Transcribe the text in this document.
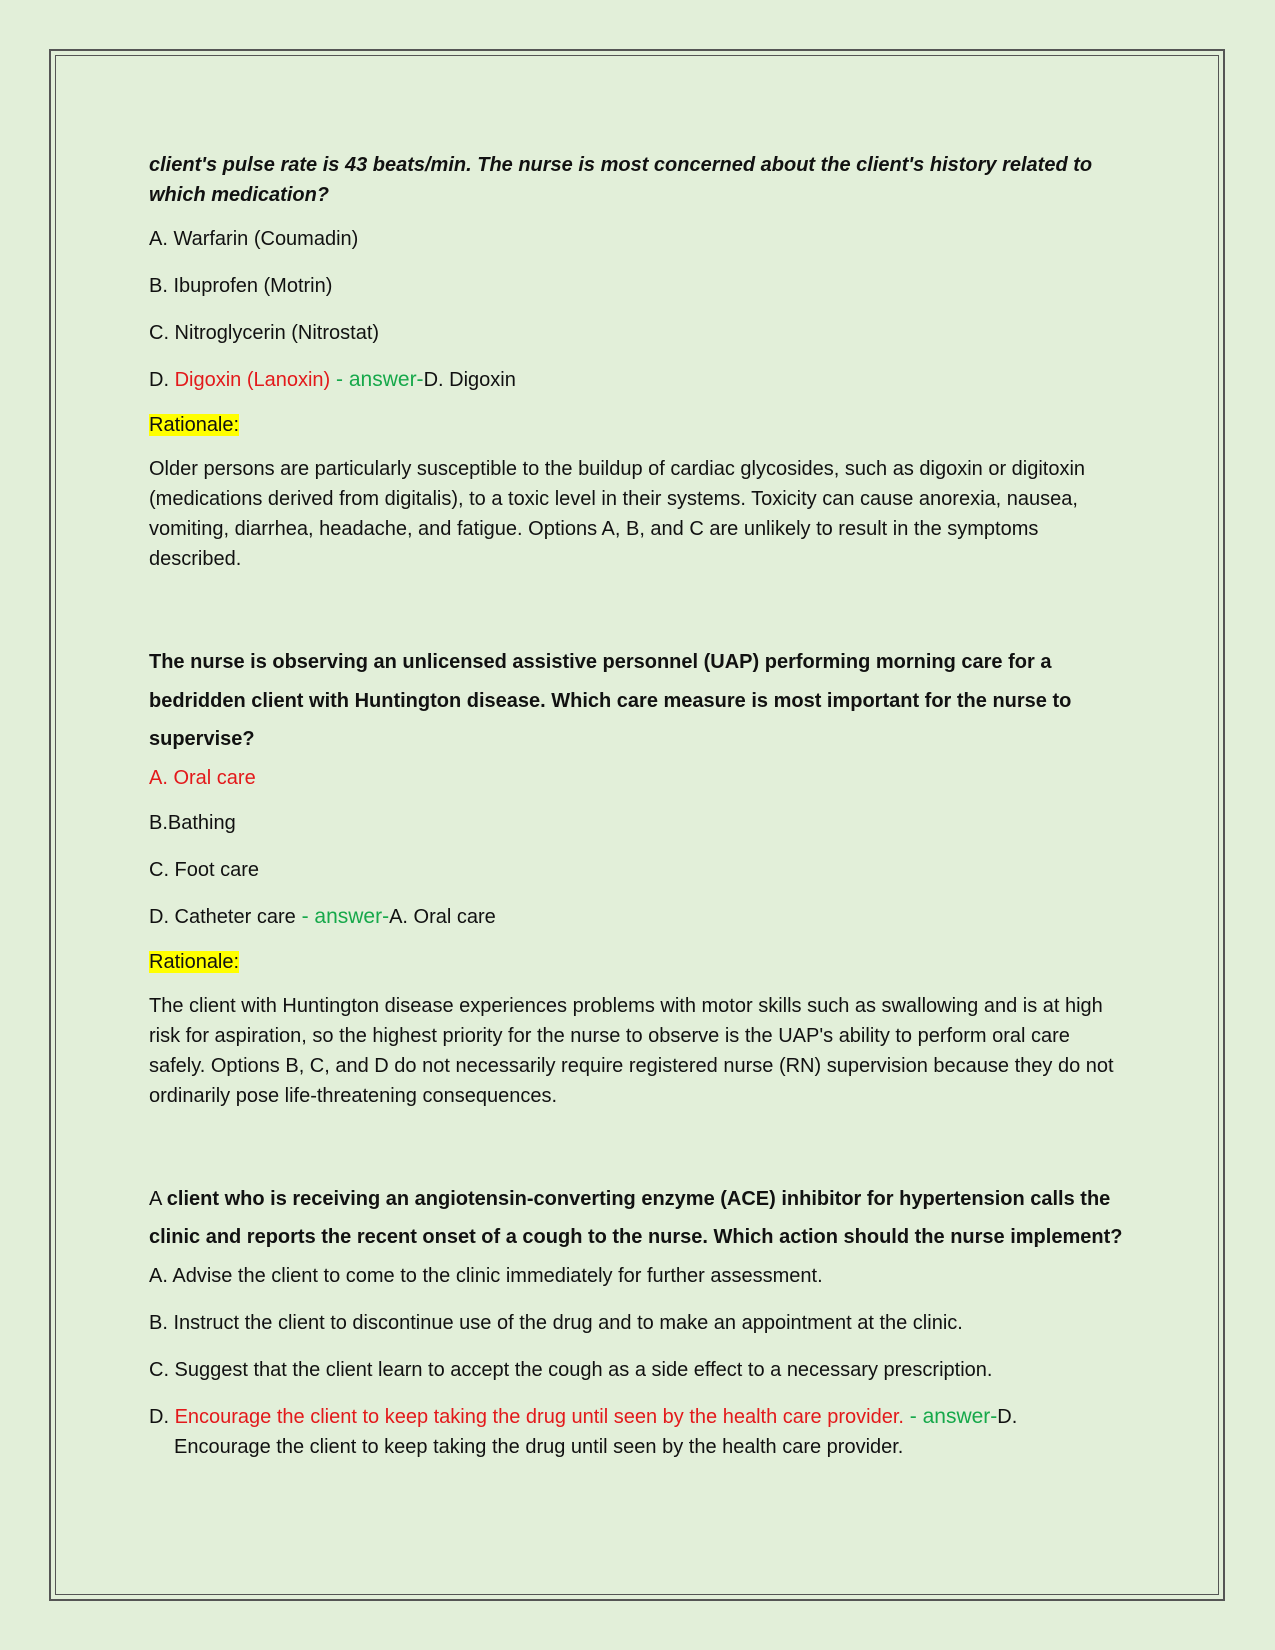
client's pulse rate is 43 beats/min. The nurse is most concerned about the client's history related to which medication?

A. Warfarin (Coumadin)

B. Ibuprofen (Motrin)

C. Nitroglycerin (Nitrostat)

D. Digoxin (Lanoxin) - answer-D. Digoxin

Rationale:

Older persons are particularly susceptible to the buildup of cardiac glycosides, such as digoxin or digitoxin (medications derived from digitalis), to a toxic level in their systems. Toxicity can cause anorexia, nausea, vomiting, diarrhea, headache, and fatigue. Options A, B, and C are unlikely to result in the symptoms described.

The nurse is observing an unlicensed assistive personnel (UAP) performing morning care for a bedridden client with Huntington disease. Which care measure is most important for the nurse to supervise?

A. Oral care

B.Bathing

C. Foot care

D. Catheter care - answer-A. Oral care

Rationale:

The client with Huntington disease experiences problems with motor skills such as swallowing and is at high risk for aspiration, so the highest priority for the nurse to observe is the UAP's ability to perform oral care safely. Options B, C, and D do not necessarily require registered nurse (RN) supervision because they do not ordinarily pose life-threatening consequences.

A client who is receiving an angiotensin-converting enzyme (ACE) inhibitor for hypertension calls the clinic and reports the recent onset of a cough to the nurse. Which action should the nurse implement?

A. Advise the client to come to the clinic immediately for further assessment.

B. Instruct the client to discontinue use of the drug and to make an appointment at the clinic.

C. Suggest that the client learn to accept the cough as a side effect to a necessary prescription.

D. Encourage the client to keep taking the drug until seen by the health care provider. - answer-D.
Encourage the client to keep taking the drug until seen by the health care provider.
